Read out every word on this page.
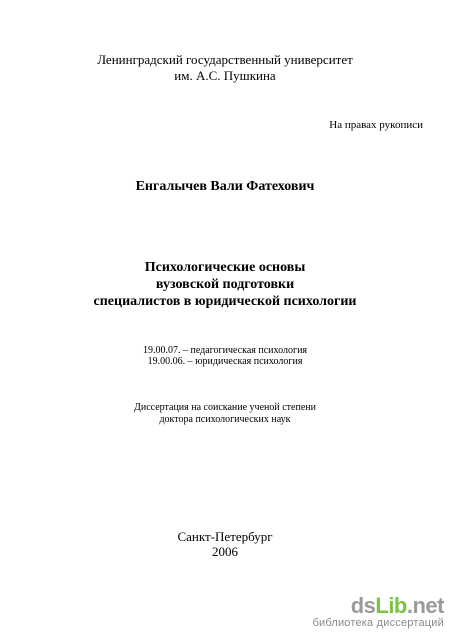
Ленинградский государственный университет
им. А.С. Пушкина
На правах рукописи
Енгалычев Вали Фатехович
Психологические основы
вузовской подготовки
специалистов в юридической психологии
19.00.07. – педагогическая психология
19.00.06. – юридическая психология
Диссертация на соискание ученой степени
доктора психологических наук
Санкт-Петербург
2006
dsLib.net
библиотека диссертаций
